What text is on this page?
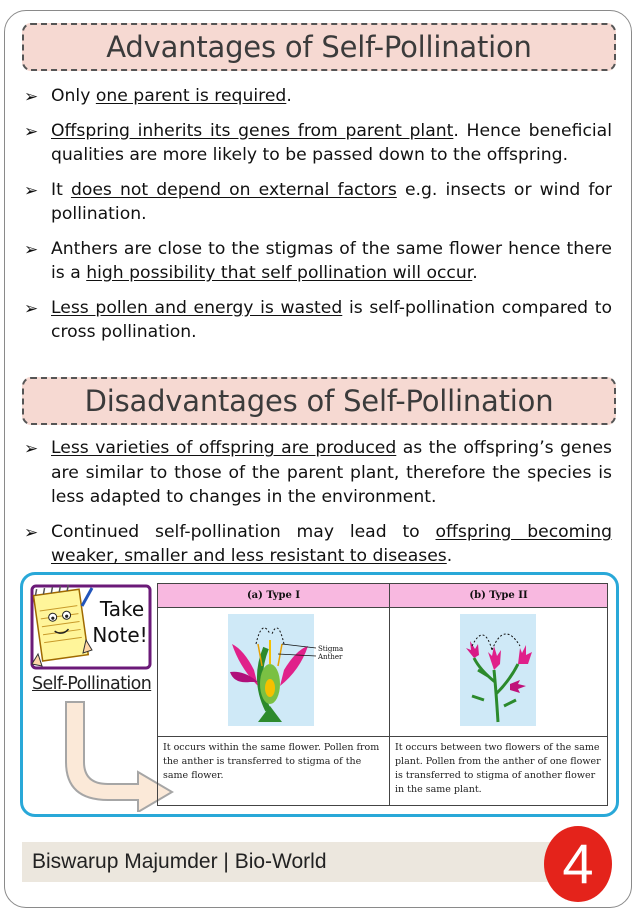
Advantages of Self-Pollination
➢ Only one parent is required.
➢ Offspring inherits its genes from parent plant. Hence beneficial qualities are more likely to be passed down to the offspring.
➢ It does not depend on external factors e.g. insects or wind for pollination.
➢ Anthers are close to the stigmas of the same flower hence there is a high possibility that self pollination will occur.
➢ Less pollen and energy is wasted is self-pollination compared to cross pollination.
Disadvantages of Self-Pollination
➢ Less varieties of offspring are produced as the offspring’s genes are similar to those of the parent plant, therefore the species is less adapted to changes in the environment.
➢ Continued self-pollination may lead to offspring becoming weaker, smaller and less resistant to diseases.
Take
Note!
Self-Pollination
(a) Type I	(b) Type II

Stigma
Anther

It occurs within the same flower. Pollen from the anther is transferred to stigma of the same flower.	It occurs between two flowers of the same plant. Pollen from the anther of one flower is transferred to stigma of another flower in the same plant.
Biswarup Majumder | Bio-World	4
